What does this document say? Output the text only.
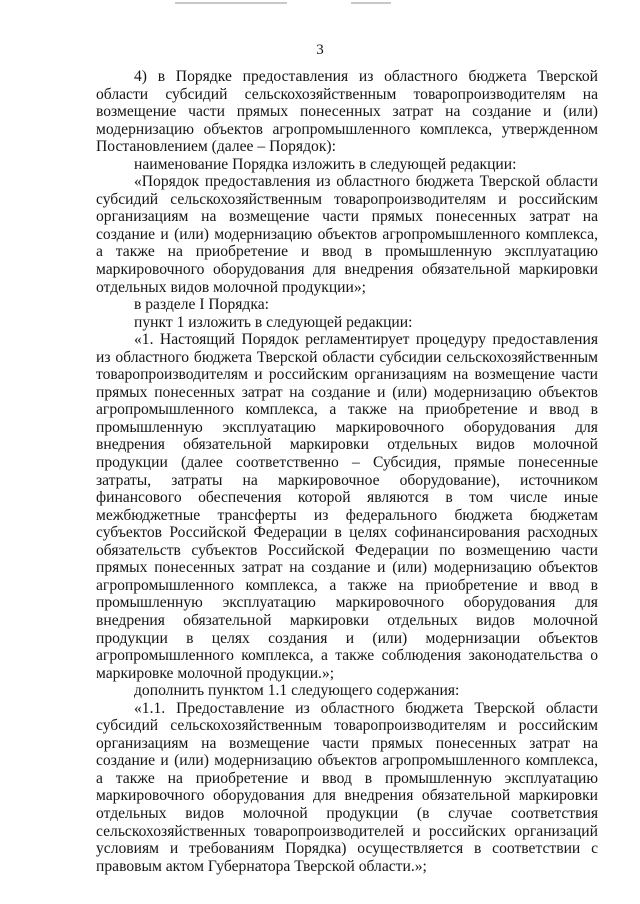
3

4) в Порядке предоставления из областного бюджета Тверской области субсидий сельскохозяйственным товаропроизводителям на возмещение части прямых понесенных затрат на создание и (или) модернизацию объектов агропромышленного комплекса, утвержденном Постановлением (далее – Порядок):

наименование Порядка изложить в следующей редакции:

«Порядок предоставления из областного бюджета Тверской области субсидий сельскохозяйственным товаропроизводителям и российским организациям на возмещение части прямых понесенных затрат на создание и (или) модернизацию объектов агропромышленного комплекса, а также на приобретение и ввод в промышленную эксплуатацию маркировочного оборудования для внедрения обязательной маркировки отдельных видов молочной продукции»;

в разделе I Порядка:

пункт 1 изложить в следующей редакции:

«1. Настоящий Порядок регламентирует процедуру предоставления из областного бюджета Тверской области субсидии сельскохозяйственным товаропроизводителям и российским организациям на возмещение части прямых понесенных затрат на создание и (или) модернизацию объектов агропромышленного комплекса, а также на приобретение и ввод в промышленную эксплуатацию маркировочного оборудования для внедрения обязательной маркировки отдельных видов молочной продукции (далее соответственно – Субсидия, прямые понесенные затраты, затраты на маркировочное оборудование), источником финансового обеспечения которой являются в том числе иные межбюджетные трансферты из федерального бюджета бюджетам субъектов Российской Федерации в целях софинансирования расходных обязательств субъектов Российской Федерации по возмещению части прямых понесенных затрат на создание и (или) модернизацию объектов агропромышленного комплекса, а также на приобретение и ввод в промышленную эксплуатацию маркировочного оборудования для внедрения обязательной маркировки отдельных видов молочной продукции в целях создания и (или) модернизации объектов агропромышленного комплекса, а также соблюдения законодательства о маркировке молочной продукции.»;

дополнить пунктом 1.1 следующего содержания:

«1.1. Предоставление из областного бюджета Тверской области субсидий сельскохозяйственным товаропроизводителям и российским организациям на возмещение части прямых понесенных затрат на создание и (или) модернизацию объектов агропромышленного комплекса, а также на приобретение и ввод в промышленную эксплуатацию маркировочного оборудования для внедрения обязательной маркировки отдельных видов молочной продукции (в случае соответствия сельскохозяйственных товаропроизводителей и российских организаций условиям и требованиям Порядка) осуществляется в соответствии с правовым актом Губернатора Тверской области.»;
